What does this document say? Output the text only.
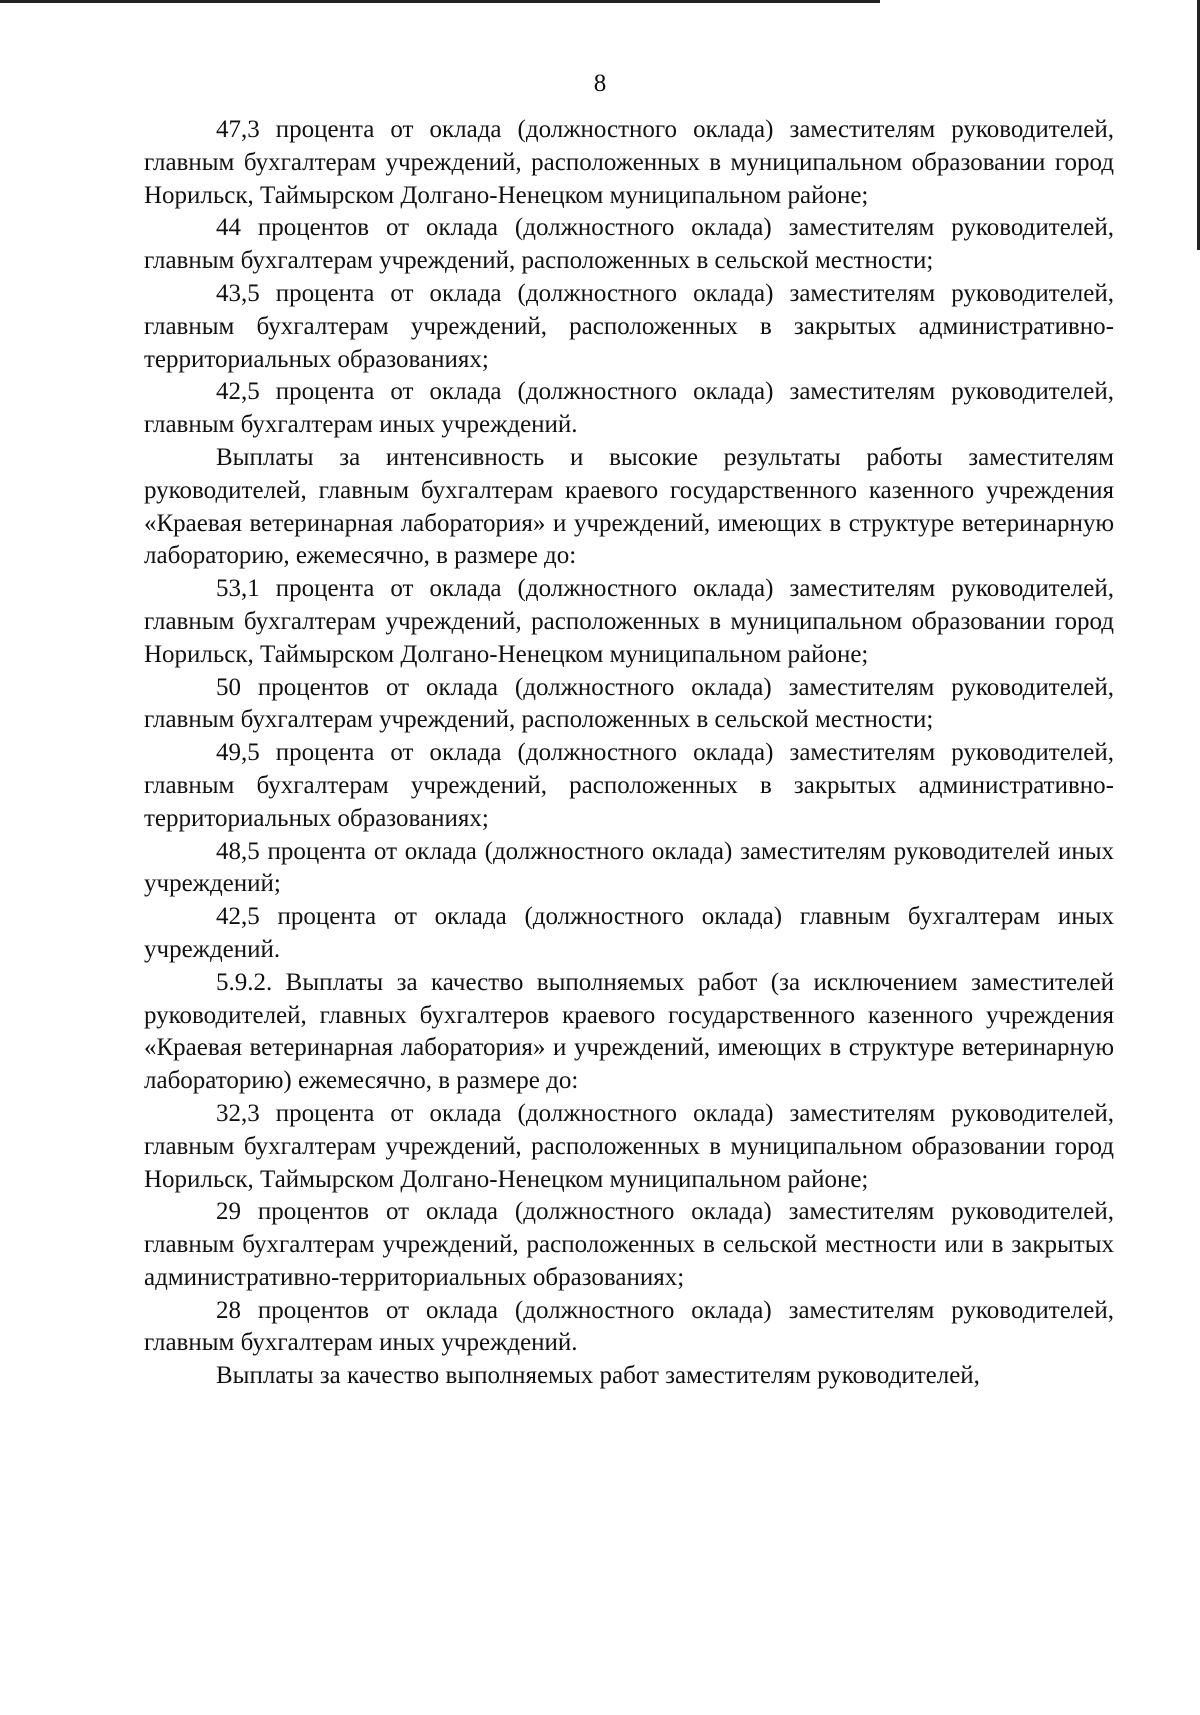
8

47,3 процента от оклада (должностного оклада) заместителям руководителей, главным бухгалтерам учреждений, расположенных в муниципальном образовании город Норильск, Таймырском Долгано-Ненецком муниципальном районе;

44 процентов от оклада (должностного оклада) заместителям руководителей, главным бухгалтерам учреждений, расположенных в сельской местности;

43,5 процента от оклада (должностного оклада) заместителям руководителей, главным бухгалтерам учреждений, расположенных в закрытых административно-территориальных образованиях;

42,5 процента от оклада (должностного оклада) заместителям руководителей, главным бухгалтерам иных учреждений.

Выплаты за интенсивность и высокие результаты работы заместителям руководителей, главным бухгалтерам краевого государственного казенного учреждения «Краевая ветеринарная лаборатория» и учреждений, имеющих в структуре ветеринарную лабораторию, ежемесячно, в размере до:

53,1 процента от оклада (должностного оклада) заместителям руководителей, главным бухгалтерам учреждений, расположенных в муниципальном образовании город Норильск, Таймырском Долгано-Ненецком муниципальном районе;

50 процентов от оклада (должностного оклада) заместителям руководителей, главным бухгалтерам учреждений, расположенных в сельской местности;

49,5 процента от оклада (должностного оклада) заместителям руководителей, главным бухгалтерам учреждений, расположенных в закрытых административно-территориальных образованиях;

48,5 процента от оклада (должностного оклада) заместителям руководителей иных учреждений;

42,5 процента от оклада (должностного оклада) главным бухгалтерам иных учреждений.

5.9.2. Выплаты за качество выполняемых работ (за исключением заместителей руководителей, главных бухгалтеров краевого государственного казенного учреждения «Краевая ветеринарная лаборатория» и учреждений, имеющих в структуре ветеринарную лабораторию) ежемесячно, в размере до:

32,3 процента от оклада (должностного оклада) заместителям руководителей, главным бухгалтерам учреждений, расположенных в муниципальном образовании город Норильск, Таймырском Долгано-Ненецком муниципальном районе;

29 процентов от оклада (должностного оклада) заместителям руководителей, главным бухгалтерам учреждений, расположенных в сельской местности или в закрытых административно-территориальных образованиях;

28 процентов от оклада (должностного оклада) заместителям руководителей, главным бухгалтерам иных учреждений.

Выплаты за качество выполняемых работ заместителям руководителей,
